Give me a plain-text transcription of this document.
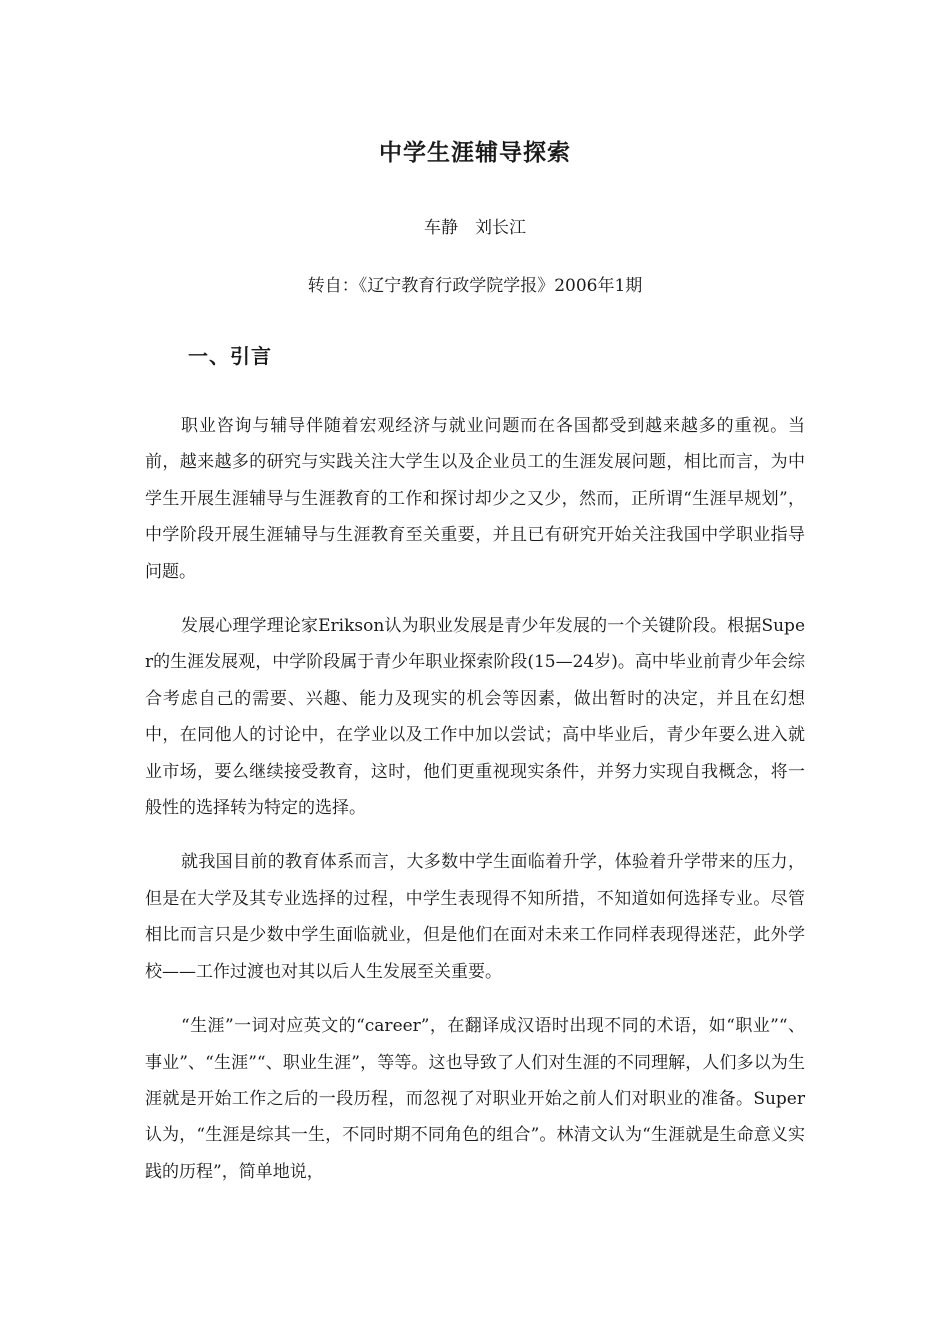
中学生涯辅导探索

车静　刘长江

转自：《辽宁教育行政学院学报》2006年1期

一、引言

职业咨询与辅导伴随着宏观经济与就业问题而在各国都受到越来越多的重视。当前，越来越多的研究与实践关注大学生以及企业员工的生涯发展问题，相比而言，为中学生开展生涯辅导与生涯教育的工作和探讨却少之又少，然而，正所谓“生涯早规划”，中学阶段开展生涯辅导与生涯教育至关重要，并且已有研究开始关注我国中学职业指导问题。

发展心理学理论家Erikson认为职业发展是青少年发展的一个关键阶段。根据Super的生涯发展观，中学阶段属于青少年职业探索阶段(15—24岁)。高中毕业前青少年会综合考虑自己的需要、兴趣、能力及现实的机会等因素，做出暂时的决定，并且在幻想中，在同他人的讨论中，在学业以及工作中加以尝试；高中毕业后，青少年要么进入就业市场，要么继续接受教育，这时，他们更重视现实条件，并努力实现自我概念，将一般性的选择转为特定的选择。

就我国目前的教育体系而言，大多数中学生面临着升学，体验着升学带来的压力，但是在大学及其专业选择的过程，中学生表现得不知所措，不知道如何选择专业。尽管相比而言只是少数中学生面临就业，但是他们在面对未来工作同样表现得迷茫，此外学校——工作过渡也对其以后人生发展至关重要。

“生涯”一词对应英文的“career”，在翻译成汉语时出现不同的术语，如“职业”“、事业”、“生涯”“、职业生涯”，等等。这也导致了人们对生涯的不同理解，人们多以为生涯就是开始工作之后的一段历程，而忽视了对职业开始之前人们对职业的准备。Super认为，“生涯是综其一生，不同时期不同角色的组合”。林清文认为“生涯就是生命意义实践的历程”，简单地说，
